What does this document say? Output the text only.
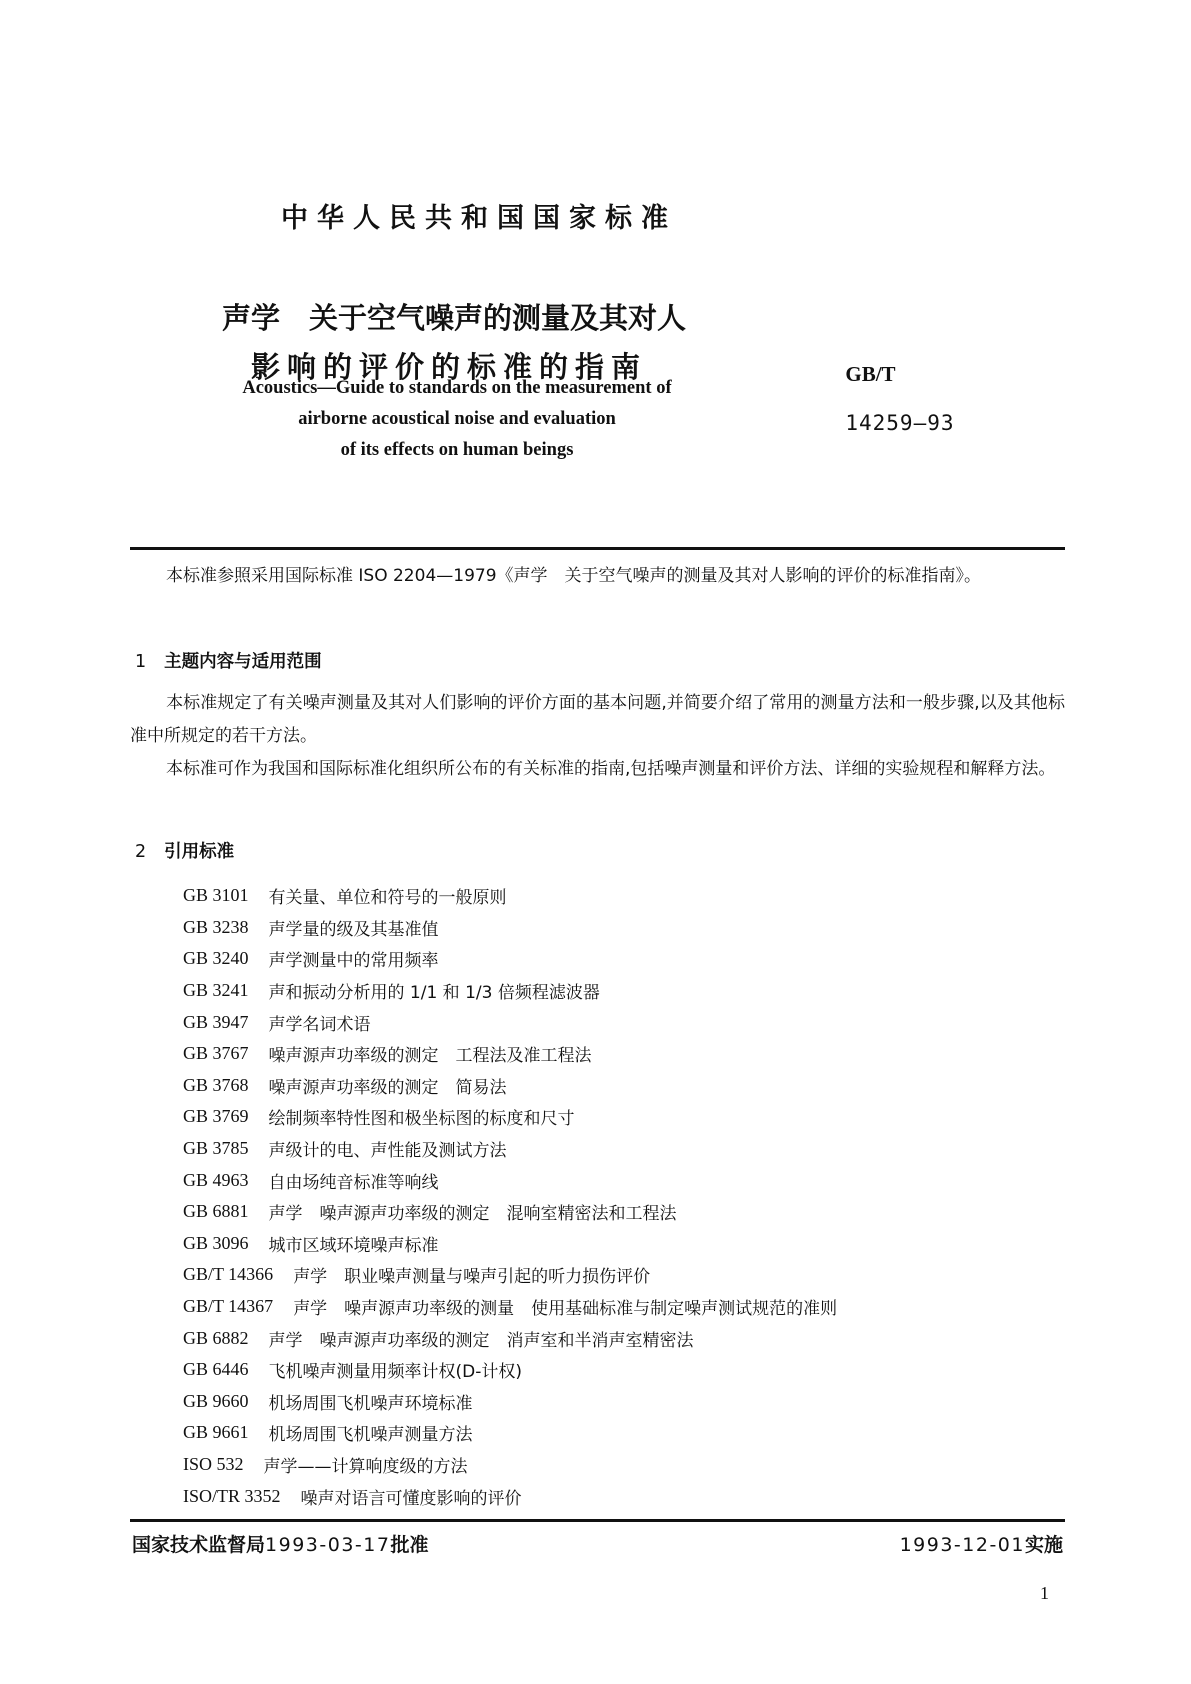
中华人民共和国国家标准
声学　关于空气噪声的测量及其对人
影响的评价的标准的指南	GB/T

14259—93

Acoustics—Guide to standards on the measurement of
airborne acoustical noise and evaluation
of its effects on human beings
本标准参照采用国际标准 ISO 2204—1979《声学　关于空气噪声的测量及其对人影响的评价的标准指南》。
1 主题内容与适用范围
本标准规定了有关噪声测量及其对人们影响的评价方面的基本问题,并简要介绍了常用的测量方法和一般步骤,以及其他标准中所规定的若干方法。
本标准可作为我国和国际标准化组织所公布的有关标准的指南,包括噪声测量和评价方法、详细的实验规程和解释方法。
2 引用标准
GB 3101 有关量、单位和符号的一般原则
GB 3238 声学量的级及其基准值
GB 3240 声学测量中的常用频率
GB 3241 声和振动分析用的 1/1 和 1/3 倍频程滤波器
GB 3947 声学名词术语
GB 3767 噪声源声功率级的测定　工程法及准工程法
GB 3768 噪声源声功率级的测定　简易法
GB 3769 绘制频率特性图和极坐标图的标度和尺寸
GB 3785 声级计的电、声性能及测试方法
GB 4963 自由场纯音标准等响线
GB 6881 声学　噪声源声功率级的测定　混响室精密法和工程法
GB 3096 城市区域环境噪声标准
GB/T 14366 声学　职业噪声测量与噪声引起的听力损伤评价
GB/T 14367 声学　噪声源声功率级的测量　使用基础标准与制定噪声测试规范的准则
GB 6882 声学　噪声源声功率级的测定　消声室和半消声室精密法
GB 6446 飞机噪声测量用频率计权(D-计权)
GB 9660 机场周围飞机噪声环境标准
GB 9661 机场周围飞机噪声测量方法
ISO 532 声学——计算响度级的方法
ISO/TR 3352 噪声对语言可懂度影响的评价
国家技术监督局1993-03-17批准	1993-12-01实施
1
